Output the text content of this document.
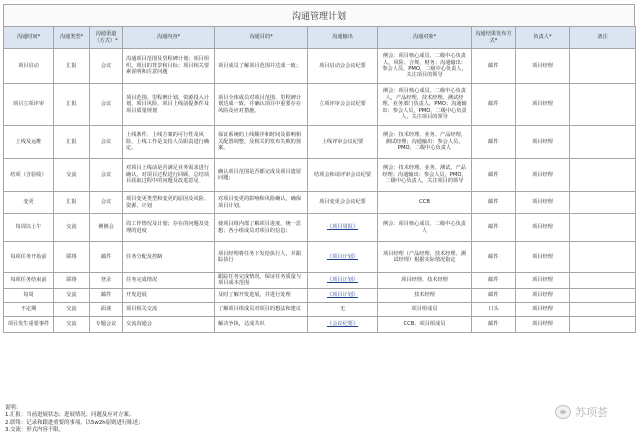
沟通管理计划
沟通时间*	沟通类型*	沟通渠道（方式）*	沟通内容*	沟通目的*	沟通输出	沟通对象*	沟通结果发布方式*	负责人*	备注
项目启动	汇报	会议	沟通项目范围及里程碑计划；项目组织，项目的背景和目标；项目相关要素说明和注意问题	项目成员了解项目范围并达成一致；	项目启动会会议纪要	例会：项目核心成员、二级中心负责人，风险、合规、财务；沟通输出：参会人员，PMO，二级中心负责人，关注项目的领导	邮件	项目经理	
项目立项评审	汇报	会议	项目范围、里程碑计划、资源投入计划、项目风险、项目上线前提条件及项目质量规划	项目全体成员对项目范围、里程碑计划达成一致，并确认项目中重要存在风险及应对措施。	立项评审会会议纪要	例会：项目核心成员、二级中心负责人，产品经理，技术经理，测试经理，业务部门负责人，PMO；沟通输出：参会人员，PMO，二级中心负责人，关注项目的领导	邮件	项目经理	
上线及运维	汇报	会议	上线条件、上线方案的可行性及风险，上线工作是支持人员职责进行确定。	保证系统的上线顺序和时间及影响相关配置调整，及相关的发布失败的预案。	上线评审会议纪要	例会：技术经理、业务、产品经理，测试经理；沟通输出：参会人员，PMO，二级中心负责人	邮件	项目经理	
结项（含验收）	交流	会议	对项目上线前是否满足业务需求进行确认，对项目过程进行回顾，总结项目获取过程中的问题及改进意见	确认项目范围是否都完成及项目遗留问题；	结项会和请评审会议纪要	例会：技术经理、业务、测试、产品经理；沟通输出：参会人员，PMO，二级中心负责人，关注项目的领导	邮件	项目经理	
变更	汇报	会议	项目变更类型和变更的原因及风险、资源、计划	对项目变更的影响和风险确认，确保项目计划。	项目变更会会议纪要	CCB	邮件	项目经理	
每周以上午	交流	例例会	周工作情况及计划；存在的问题及处理的进度	使项目组内部了解项目进度，统一思想；各小组成员对项目的信息；	《项目周报》	例会：项目核心成员、二级中心负责人	邮件	项目经理	
每项任务开始前	联络	邮件	任务分配及控制	项目经理将任务下发给执行人，并跟踪执行	《项目计划》	项目经理（产品经理、技术经理、测试经理）根据实际情况指定	邮件	项目经理	
每项任务结束前	联络	登录	任务完成情况	跟踪任务完成情况，保证任务质量与项目成本范围	《项目计划》	项目经理、技术经理	邮件	项目经理	
每周	交流	邮件	开发进展	及时了解开发进展，并进行处理	《项目计划》	技术经理	邮件	项目经理	
不定期	交流	面谈	项目相关交流	了解项目组成员对项目的想法和建议	无	项目组成员	口头	项目经理	
项目发生重要事件	交流	专题会议	交流沟通会	解决争执，达成共识	《会议纪要》	CCB、项目组成员	邮件	项目经理	
说明：
1.汇报：当前进展状态；进展情况；问题及应对方案；
2.联络：记录和跟进重要的事项，以5w2h原则进行陈述；
3.交流：形式内容不限。
苏项荟
